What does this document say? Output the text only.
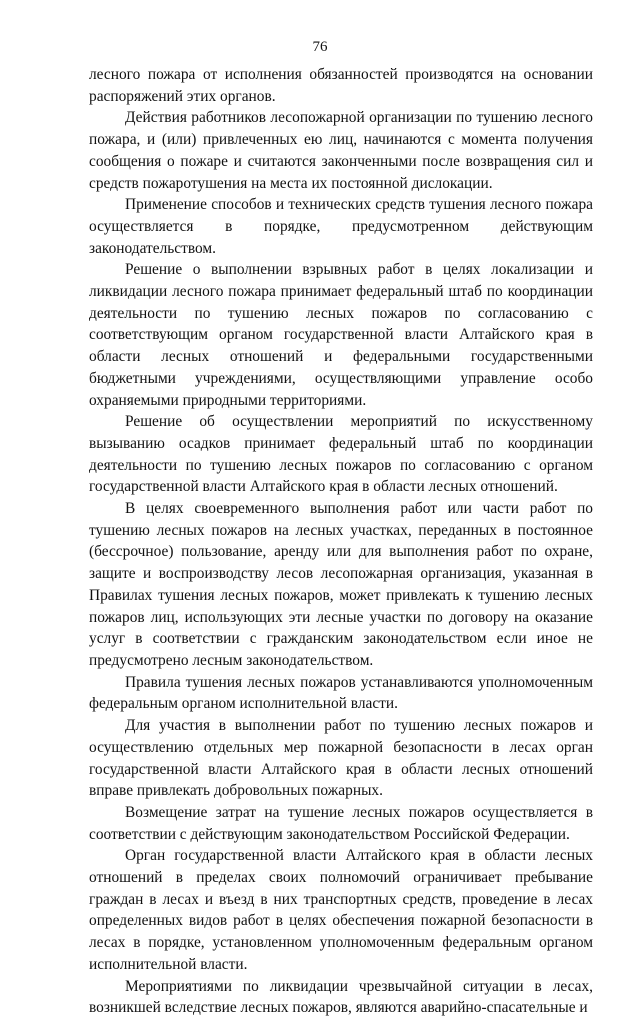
76

лесного пожара от исполнения обязанностей производятся на основании распоряжений этих органов.

Действия работников лесопожарной организации по тушению лесного пожара, и (или) привлеченных ею лиц, начинаются с момента получения сообщения о пожаре и считаются законченными после возвращения сил и средств пожаротушения на места их постоянной дислокации.

Применение способов и технических средств тушения лесного пожара осуществляется в порядке, предусмотренном действующим законодательством.

Решение о выполнении взрывных работ в целях локализации и ликвидации лесного пожара принимает федеральный штаб по координации деятельности по тушению лесных пожаров по согласованию с соответствующим органом государственной власти Алтайского края в области лесных отношений и федеральными государственными бюджетными учреждениями, осуществляющими управление особо охраняемыми природными территориями.

Решение об осуществлении мероприятий по искусственному вызыванию осадков принимает федеральный штаб по координации деятельности по тушению лесных пожаров по согласованию с органом государственной власти Алтайского края в области лесных отношений.

В целях своевременного выполнения работ или части работ по тушению лесных пожаров на лесных участках, переданных в постоянное (бессрочное) пользование, аренду или для выполнения работ по охране, защите и воспроизводству лесов лесопожарная организация, указанная в Правилах тушения лесных пожаров, может привлекать к тушению лесных пожаров лиц, использующих эти лесные участки по договору на оказание услуг в соответствии с гражданским законодательством если иное не предусмотрено лесным законодательством.

Правила тушения лесных пожаров устанавливаются уполномоченным федеральным органом исполнительной власти.

Для участия в выполнении работ по тушению лесных пожаров и осуществлению отдельных мер пожарной безопасности в лесах орган государственной власти Алтайского края в области лесных отношений вправе привлекать добровольных пожарных.

Возмещение затрат на тушение лесных пожаров осуществляется в соответствии с действующим законодательством Российской Федерации.

Орган государственной власти Алтайского края в области лесных отношений в пределах своих полномочий ограничивает пребывание граждан в лесах и въезд в них транспортных средств, проведение в лесах определенных видов работ в целях обеспечения пожарной безопасности в лесах в порядке, установленном уполномоченным федеральным органом исполнительной власти.

Мероприятиями по ликвидации чрезвычайной ситуации в лесах, возникшей вследствие лесных пожаров, являются аварийно-спасательные и
